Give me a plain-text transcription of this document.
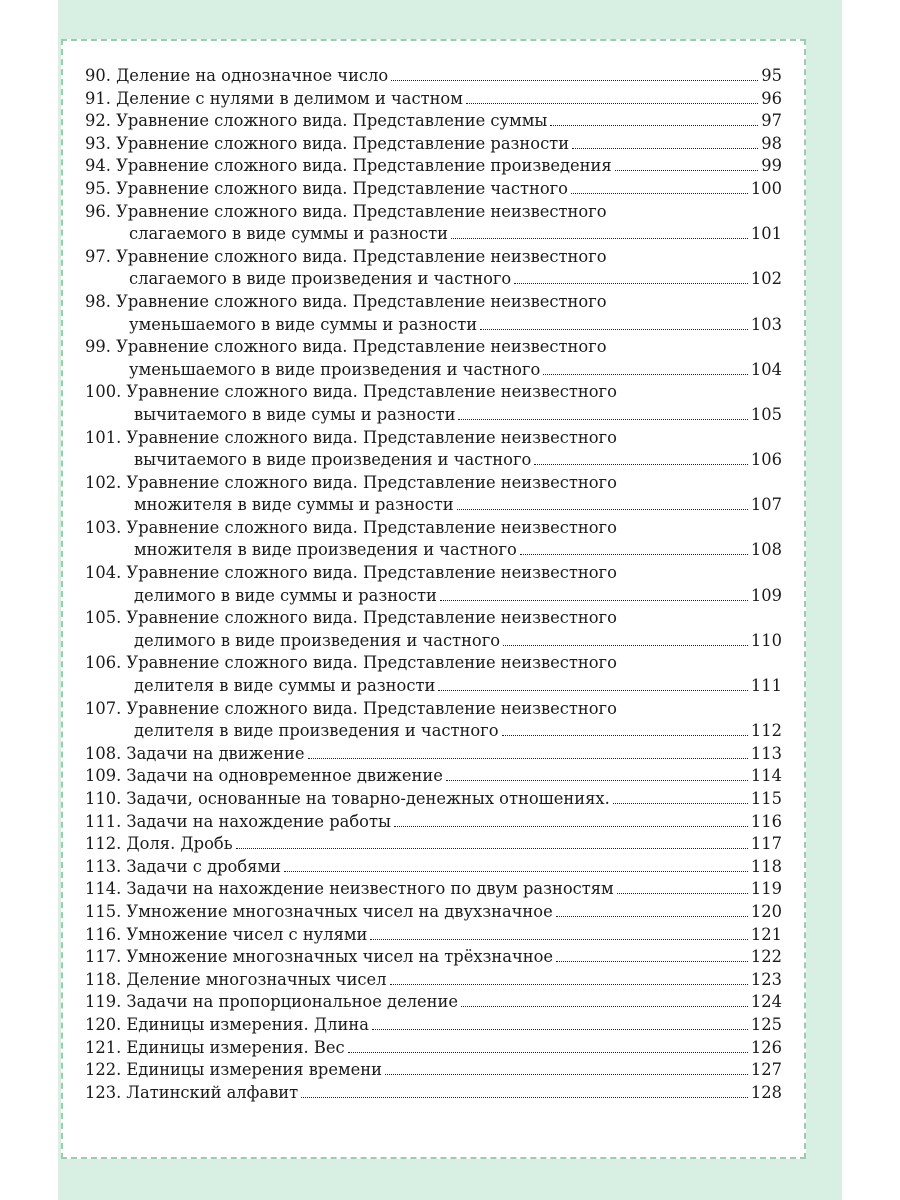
90. Деление на однозначное число	95
91. Деление с нулями в делимом и частном	96
92. Уравнение сложного вида. Представление суммы	97
93. Уравнение сложного вида. Представление разности	98
94. Уравнение сложного вида. Представление произведения	99
95. Уравнение сложного вида. Представление частного	100
96. Уравнение сложного вида. Представление неизвестного
слагаемого в виде суммы и разности	101
97. Уравнение сложного вида. Представление неизвестного
слагаемого в виде произведения и частного	102
98. Уравнение сложного вида. Представление неизвестного
уменьшаемого в виде суммы и разности	103
99. Уравнение сложного вида. Представление неизвестного
уменьшаемого в виде произведения и частного	104
100. Уравнение сложного вида. Представление неизвестного
вычитаемого в виде сумы и разности	105
101. Уравнение сложного вида. Представление неизвестного
вычитаемого в виде произведения и частного	106
102. Уравнение сложного вида. Представление неизвестного
множителя в виде суммы и разности	107
103. Уравнение сложного вида. Представление неизвестного
множителя в виде произведения и частного	108
104. Уравнение сложного вида. Представление неизвестного
делимого в виде суммы и разности	109
105. Уравнение сложного вида. Представление неизвестного
делимого в виде произведения и частного	110
106. Уравнение сложного вида. Представление неизвестного
делителя в виде суммы и разности	111
107. Уравнение сложного вида. Представление неизвестного
делителя в виде произведения и частного	112
108. Задачи на движение	113
109. Задачи на одновременное движение	114
110. Задачи, основанные на товарно-денежных отношениях.	115
111. Задачи на нахождение работы	116
112. Доля. Дробь	117
113. Задачи с дробями	118
114. Задачи на нахождение неизвестного по двум разностям	119
115. Умножение многозначных чисел на двухзначное	120
116. Умножение чисел с нулями	121
117. Умножение многозначных чисел на трёхзначное	122
118. Деление многозначных чисел	123
119. Задачи на пропорциональное деление	124
120. Единицы измерения. Длина	125
121. Единицы измерения. Вес	126
122. Единицы измерения времени	127
123. Латинский алфавит	128
